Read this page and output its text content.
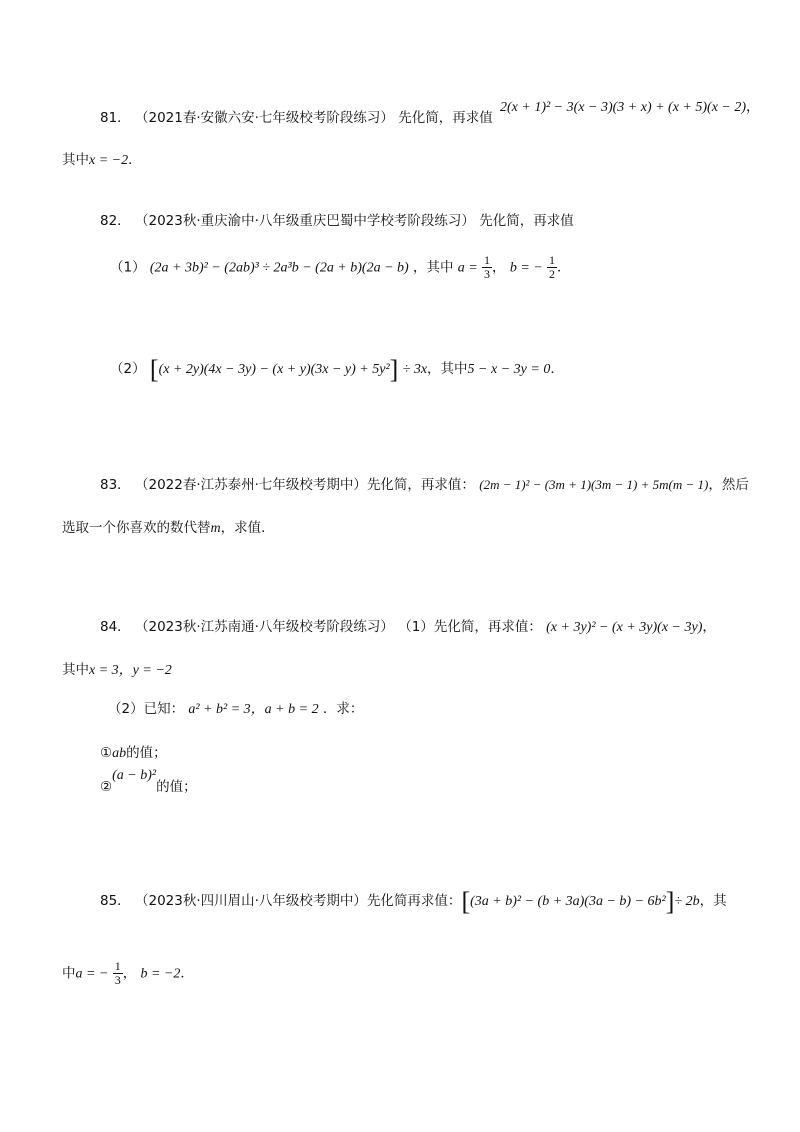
81． （2021春·安徽六安·七年级校考阶段练习） 先化简，再求值
2(x + 1)² − 3(x − 3)(3 + x) + (x + 5)(x − 2)，
其中x = −2．
82． （2023秋·重庆渝中·八年级重庆巴蜀中学校考阶段练习） 先化简，再求值
（1） (2a + 3b)² − (2ab)³ ÷ 2a³b − (2a + b)(2a − b) ，其中 $a = \frac{1}{3}$ ， b = − $\frac{1}{2}$ ．
（2） [(x + 2y)(4x − 3y) − (x + y)(3x − y) + 5y²] ÷ 3x，其中5 − x − 3y = 0．
83． （2022春·江苏泰州·七年级校考期中）先化简，再求值： (2m − 1)² − (3m + 1)(3m − 1) + 5m(m − 1)，然后
选取一个你喜欢的数代替m，求值．
84． （2023秋·江苏南通·八年级校考阶段练习） （1）先化简，再求值： (x + 3y)² − (x + 3y)(x − 3y)，
其中x = 3，y = −2
（2）已知： a² + b² = 3，a + b = 2 ．求：
①ab的值；
②(a − b)²的值；
85． （2023秋·四川眉山·八年级校考期中）先化简再求值：[(3a + b)² − (b + 3a)(3a − b) − 6b²]÷ 2b，其
中a = − $\frac{1}{3}$ ， b = −2．
